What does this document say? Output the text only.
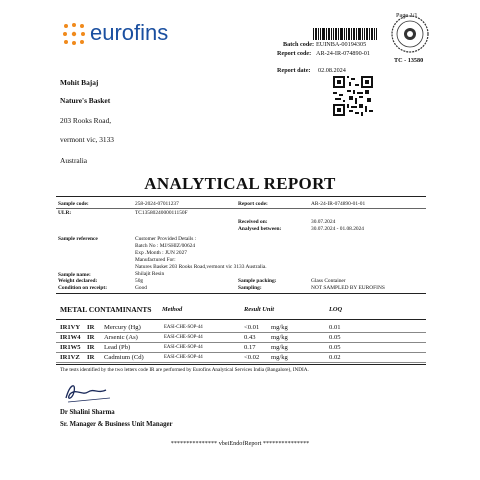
Page 1/1
eurofins	Batch code: EUINBA-00194305
Report code: AR-24-IR-074890-01
Report date: 02.08.2024
TC - 13580
Mohit Bajaj
Nature's Basket
203 Rooks Road,
vermont vic, 3133
Australia
ANALYTICAL REPORT
Sample code:	258-2024-07011237	Report code:	AR-24-IR-074890-01-01
ULR:	TC1358024000011150F
Received on:	30.07.2024
Analysed between:	30.07.2024 - 01.08.2024
Sample reference	Customer Provided Details :
Batch No : MJ/SHIZ/00624
Exp .Month : JUN 2027
Manufactured For:
Natures Basket 203 Rooks Road,vermont vic 3133 Australia.
Sample name:	Shilajit Resin
Weight declared:	50g	Sample packing:	Glass Container
Condition on receipt:	Good	Sampling:	NOT SAMPLED BY EUROFINS
METAL CONTAMINANTS Method	Result Unit	LOQ
IR1VY IR Mercury (Hg)	EASI-CHE-SOP-44	<0.01 mg/kg	0.01
IR1W4 IR Arsenic (As)	EASI-CHE-SOP-44	0.43 mg/kg	0.05
IR1W5 IR Lead (Pb)	EASI-CHE-SOP-44	0.17 mg/kg	0.05
IR1VZ IR Cadmium (Cd)	EASI-CHE-SOP-44	<0.02 mg/kg	0.02
The tests identified by the two letters code IR are performed by Eurofins Analytical Services India (Bangalore), INDIA.
Dr Shalini Sharma
Sr. Manager & Business Unit Manager
*************** vbeiEndofReport ***************
